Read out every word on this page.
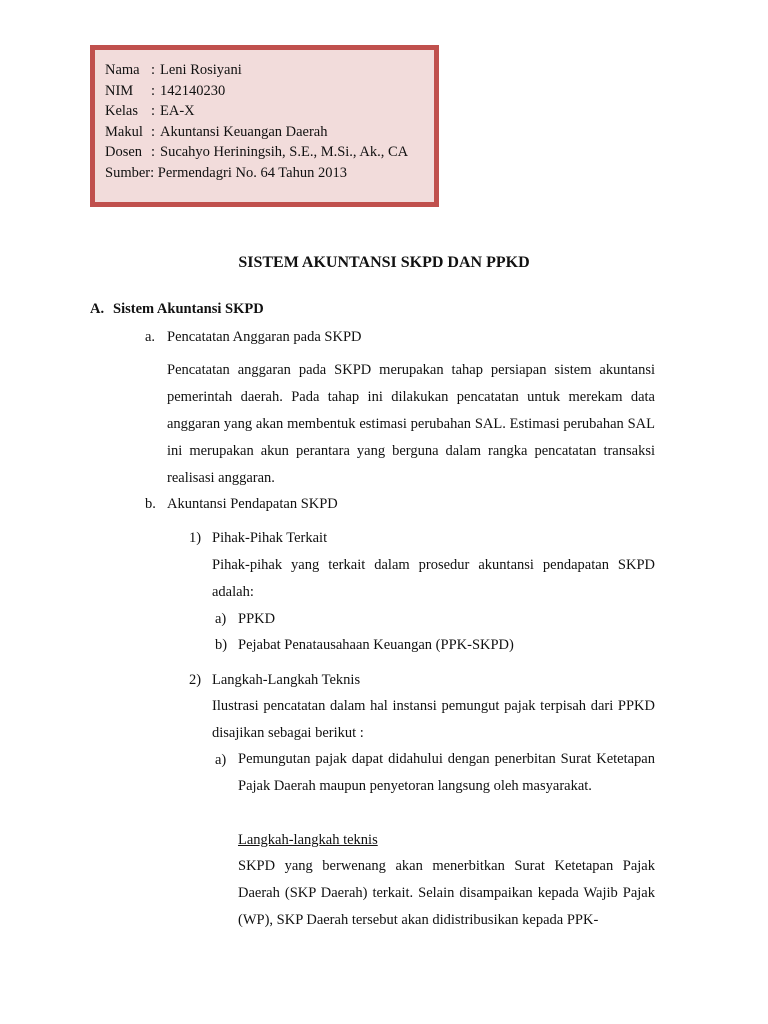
Nama : Leni Rosiyani
NIM	: 142140230
Kelas : EA-X
Makul : Akuntansi Keuangan Daerah
Dosen : Sucahyo Heriningsih, S.E., M.Si., Ak., CA
Sumber: Permendagri No. 64 Tahun 2013
SISTEM AKUNTANSI SKPD DAN PPKD
A. Sistem Akuntansi SKPD
a. Pencatatan Anggaran pada SKPD
Pencatatan anggaran pada SKPD merupakan tahap persiapan sistem akuntansi pemerintah daerah. Pada tahap ini dilakukan pencatatan untuk merekam data anggaran yang akan membentuk estimasi perubahan SAL. Estimasi perubahan SAL ini merupakan akun perantara yang berguna dalam rangka pencatatan transaksi realisasi anggaran.
b. Akuntansi Pendapatan SKPD
1) Pihak-Pihak Terkait
Pihak-pihak yang terkait dalam prosedur akuntansi pendapatan SKPD adalah:
a) PPKD
b) Pejabat Penatausahaan Keuangan (PPK-SKPD)
2) Langkah-Langkah Teknis
Ilustrasi pencatatan dalam hal instansi pemungut pajak terpisah dari PPKD disajikan sebagai berikut :
a) Pemungutan pajak dapat didahului dengan penerbitan Surat Ketetapan Pajak Daerah maupun penyetoran langsung oleh masyarakat.
Langkah-langkah teknis
SKPD yang berwenang akan menerbitkan Surat Ketetapan Pajak Daerah (SKP Daerah) terkait. Selain disampaikan kepada Wajib Pajak (WP), SKP Daerah tersebut akan didistribusikan kepada PPK-
